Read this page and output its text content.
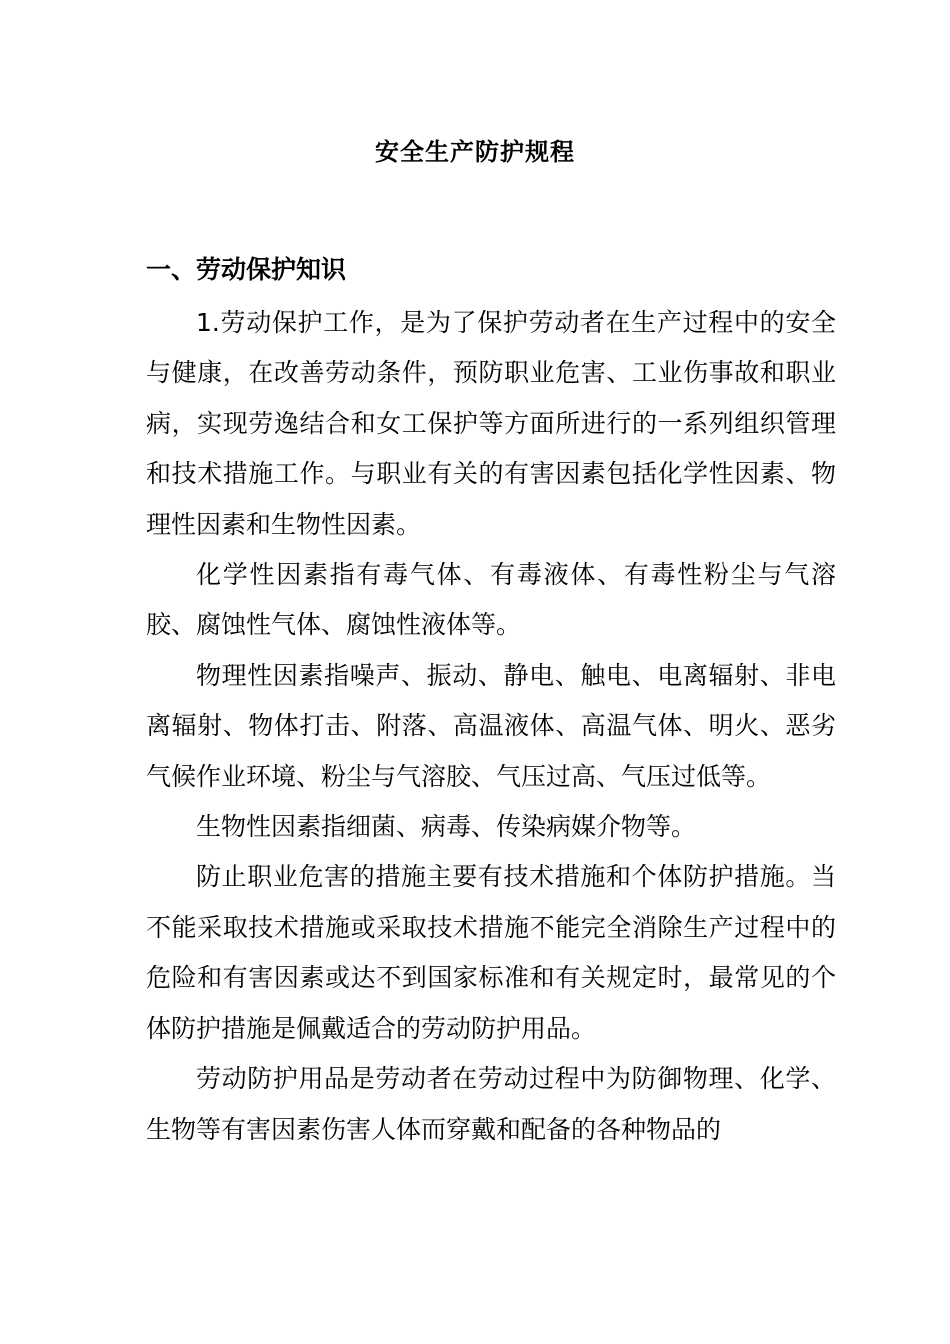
安全生产防护规程
一、劳动保护知识

1.劳动保护工作，是为了保护劳动者在生产过程中的安全与健康，在改善劳动条件，预防职业危害、工业伤事故和职业病，实现劳逸结合和女工保护等方面所进行的一系列组织管理和技术措施工作。与职业有关的有害因素包括化学性因素、物理性因素和生物性因素。

化学性因素指有毒气体、有毒液体、有毒性粉尘与气溶胶、腐蚀性气体、腐蚀性液体等。

物理性因素指噪声、振动、静电、触电、电离辐射、非电离辐射、物体打击、附落、高温液体、高温气体、明火、恶劣气候作业环境、粉尘与气溶胶、气压过高、气压过低等。

生物性因素指细菌、病毒、传染病媒介物等。

防止职业危害的措施主要有技术措施和个体防护措施。当不能采取技术措施或采取技术措施不能完全消除生产过程中的危险和有害因素或达不到国家标准和有关规定时，最常见的个体防护措施是佩戴适合的劳动防护用品。

劳动防护用品是劳动者在劳动过程中为防御物理、化学、生物等有害因素伤害人体而穿戴和配备的各种物品的
